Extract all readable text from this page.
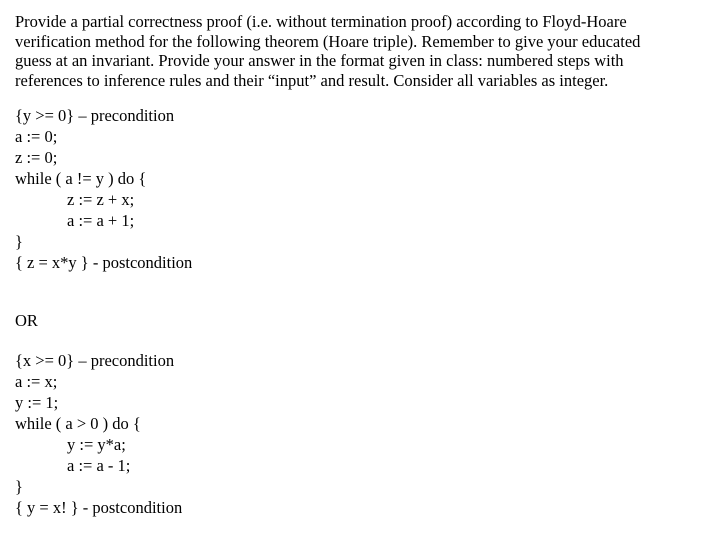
Provide a partial correctness proof (i.e. without termination proof) according to Floyd-Hoare

verification method for the following theorem (Hoare triple). Remember to give your educated

guess at an invariant. Provide your answer in the format given in class: numbered steps with

references to inference rules and their “input” and result. Consider all variables as integer.

{y >= 0} – precondition
a := 0;
z := 0;
while ( a != y ) do {
z := z + x;
a := a + 1;
}
{ z = x*y } - postcondition
OR
{x >= 0} – precondition
a := x;
y := 1;
while ( a > 0 ) do {
y := y*a;
a := a - 1;
}
{ y = x! } - postcondition
